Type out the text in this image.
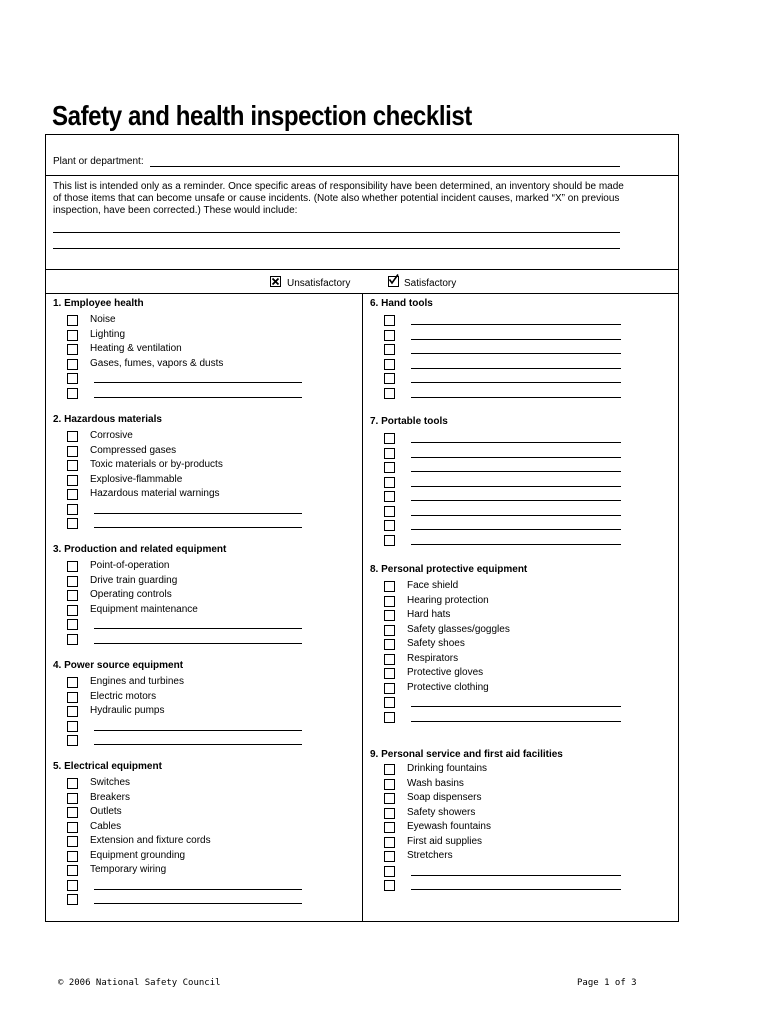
Safety and health inspection checklist
Plant or department:
This list is intended only as a reminder. Once specific areas of responsibility have been determined, an inventory should be made
of those items that can become unsafe or cause incidents. (Note also whether potential incident causes, marked “X” on previous
inspection, have been corrected.) These would include:
Unsatisfactory	Satisfactory
1. Employee health
Noise
Lighting
Heating & ventilation
Gases, fumes, vapors & dusts
2. Hazardous materials
Corrosive
Compressed gases
Toxic materials or by-products
Explosive-flammable
Hazardous material warnings
3. Production and related equipment
Point-of-operation
Drive train guarding
Operating controls
Equipment maintenance
4. Power source equipment
Engines and turbines
Electric motors
Hydraulic pumps
5. Electrical equipment
Switches
Breakers
Outlets
Cables
Extension and fixture cords
Equipment grounding
Temporary wiring
6. Hand tools
7. Portable tools
8. Personal protective equipment
Face shield
Hearing protection
Hard hats
Safety glasses/goggles
Safety shoes
Respirators
Protective gloves
Protective clothing
9. Personal service and first aid facilities
Drinking fountains
Wash basins
Soap dispensers
Safety showers
Eyewash fountains
First aid supplies
Stretchers
© 2006 National Safety Council	Page 1 of 3
